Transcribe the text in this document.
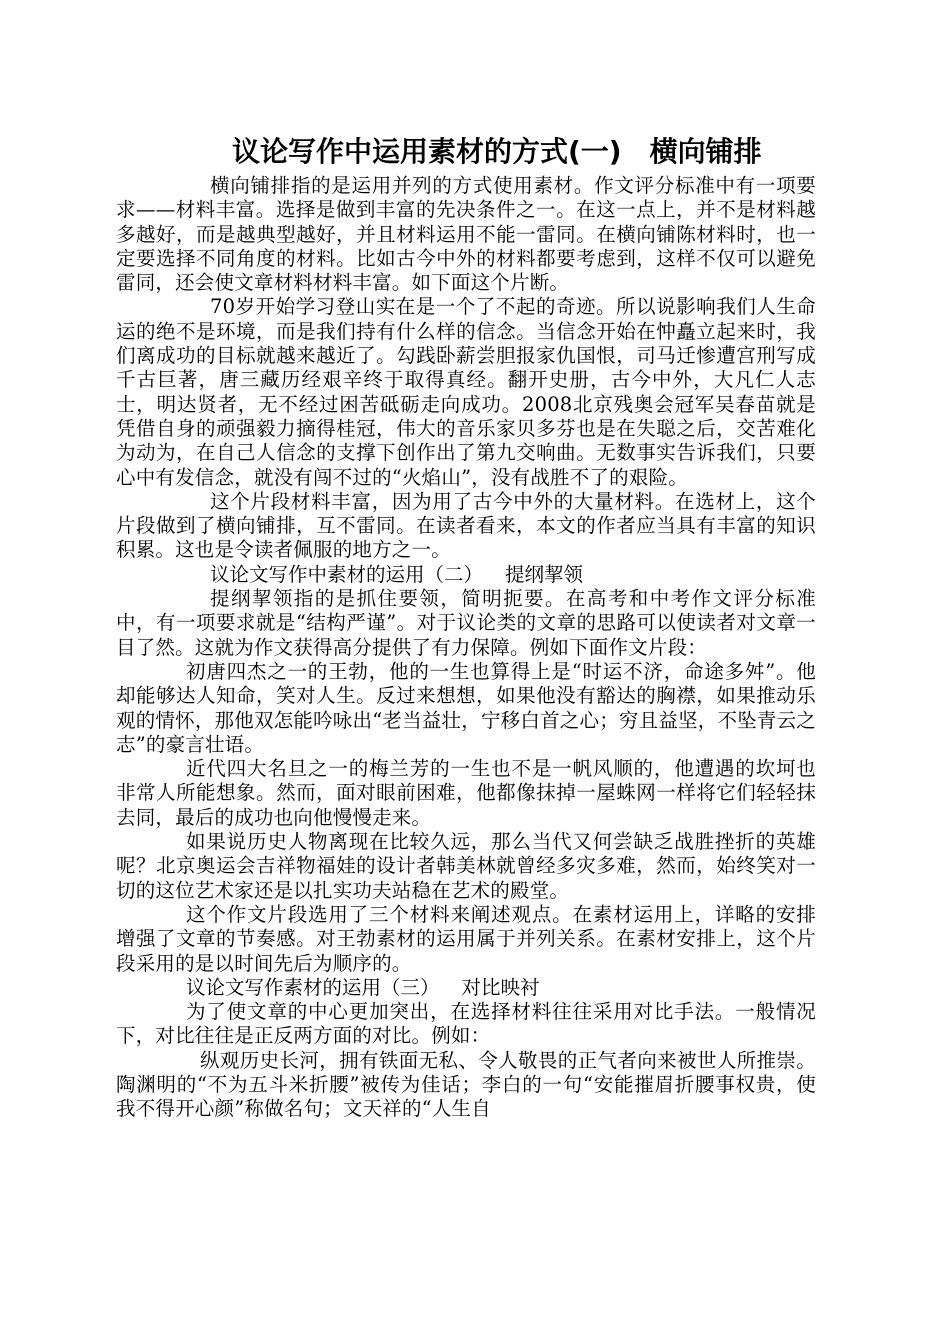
议论写作中运用素材的方式(一) 横向铺排

横向铺排指的是运用并列的方式使用素材。作文评分标准中有一项要求——材料丰富。选择是做到丰富的先决条件之一。在这一点上，并不是材料越多越好，而是越典型越好，并且材料运用不能一雷同。在横向铺陈材料时，也一定要选择不同角度的材料。比如古今中外的材料都要考虑到，这样不仅可以避免雷同，还会使文章材料材料丰富。如下面这个片断。

70岁开始学习登山实在是一个了不起的奇迹。所以说影响我们人生命运的绝不是环境，而是我们持有什么样的信念。当信念开始在忡矗立起来时，我们离成功的目标就越来越近了。勾践卧薪尝胆报家仇国恨，司马迁惨遭宫刑写成千古巨著，唐三藏历经艰辛终于取得真经。翻开史册，古今中外，大凡仁人志士，明达贤者，无不经过困苦砥砺走向成功。2008北京残奥会冠军吴春苗就是凭借自身的顽强毅力摘得桂冠，伟大的音乐家贝多芬也是在失聪之后，交苦难化为动为，在自己人信念的支撑下创作出了第九交响曲。无数事实告诉我们，只要心中有发信念，就没有闯不过的“火焰山”，没有战胜不了的艰险。

这个片段材料丰富，因为用了古今中外的大量材料。在选材上，这个片段做到了横向铺排，互不雷同。在读者看来，本文的作者应当具有丰富的知识积累。这也是令读者佩服的地方之一。

议论文写作中素材的运用（二） 提纲挈领

提纲挈领指的是抓住要领，简明扼要。在高考和中考作文评分标准中，有一项要求就是“结构严谨”。对于议论类的文章的思路可以使读者对文章一目了然。这就为作文获得高分提供了有力保障。例如下面作文片段：

初唐四杰之一的王勃，他的一生也算得上是“时运不济，命途多舛”。他却能够达人知命，笑对人生。反过来想想，如果他没有豁达的胸襟，如果推动乐观的情怀，那他双怎能吟咏出“老当益壮，宁移白首之心；穷且益坚，不坠青云之志”的豪言壮语。

近代四大名旦之一的梅兰芳的一生也不是一帆风顺的，他遭遇的坎坷也非常人所能想象。然而，面对眼前困难，他都像抹掉一屋蛛网一样将它们轻轻抹去同，最后的成功也向他慢慢走来。

如果说历史人物离现在比较久远，那么当代又何尝缺乏战胜挫折的英雄呢？北京奥运会吉祥物福娃的设计者韩美林就曾经多灾多难，然而，始终笑对一切的这位艺术家还是以扎实功夫站稳在艺术的殿堂。

这个作文片段选用了三个材料来阐述观点。在素材运用上，详略的安排增强了文章的节奏感。对王勃素材的运用属于并列关系。在素材安排上，这个片段采用的是以时间先后为顺序的。

议论文写作素材的运用（三） 对比映衬

为了使文章的中心更加突出，在选择材料往往采用对比手法。一般情况下，对比往往是正反两方面的对比。例如：

纵观历史长河，拥有铁面无私、令人敬畏的正气者向来被世人所推崇。陶渊明的“不为五斗米折腰”被传为佳话；李白的一句“安能摧眉折腰事权贵，使我不得开心颜”称做名句；文天祥的“人生自
